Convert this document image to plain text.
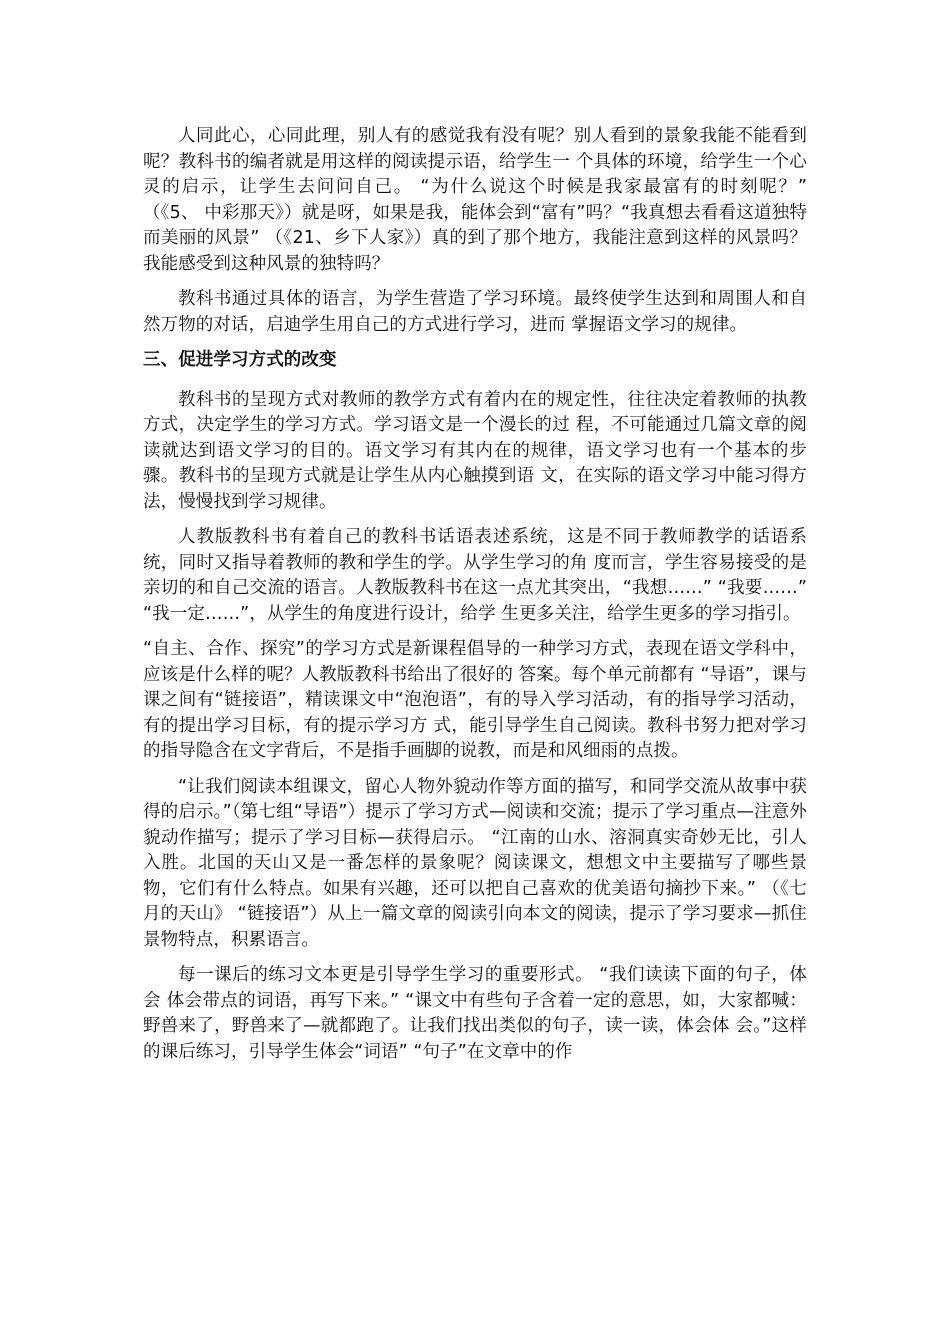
人同此心，心同此理，别人有的感觉我有没有呢？别人看到的景象我能不能看到呢？教科书的编者就是用这样的阅读提示语，给学生一 个具体的环境，给学生一个心灵的启示，让学生去问问自己。 “为什么说这个时候是我家最富有的时刻呢？” （《5、 中彩那天》）就是呀，如果是我，能体会到“富有”吗？“我真想去看看这道独特而美丽的风景” （《21、乡下人家》）真的到了那个地方，我能注意到这样的风景吗？我能感受到这种风景的独特吗？

教科书通过具体的语言，为学生营造了学习环境。最终使学生达到和周围人和自然万物的对话，启迪学生用自己的方式进行学习，进而 掌握语文学习的规律。

三、促进学习方式的改变

教科书的呈现方式对教师的教学方式有着内在的规定性，往往决定着教师的执教方式，决定学生的学习方式。学习语文是一个漫长的过 程，不可能通过几篇文章的阅读就达到语文学习的目的。语文学习有其内在的规律，语文学习也有一个基本的步骤。教科书的呈现方式就是让学生从内心触摸到语 文，在实际的语文学习中能习得方法，慢慢找到学习规律。

人教版教科书有着自己的教科书话语表述系统，这是不同于教师教学的话语系统，同时又指导着教师的教和学生的学。从学生学习的角 度而言，学生容易接受的是亲切的和自己交流的语言。人教版教科书在这一点尤其突出，“我想……” “我要……” “我一定……”，从学生的角度进行设计，给学 生更多关注，给学生更多的学习指引。

“自主、合作、探究”的学习方式是新课程倡导的一种学习方式，表现在语文学科中，应该是什么样的呢？人教版教科书给出了很好的 答案。每个单元前都有 “导语”，课与课之间有“链接语”，精读课文中“泡泡语”，有的导入学习活动，有的指导学习活动，有的提出学习目标，有的提示学习方 式，能引导学生自己阅读。教科书努力把对学习的指导隐含在文字背后，不是指手画脚的说教，而是和风细雨的点拨。

“让我们阅读本组课文，留心人物外貌动作等方面的描写，和同学交流从故事中获 得的启示。”（第七组“导语”）提示了学习方式—阅读和交流；提示了学习重点—注意外貌动作描写；提示了学习目标—获得启示。 “江南的山水、溶洞真实奇妙无比，引人入胜。北国的天山又是一番怎样的景象呢？阅读课文，想想文中主要描写了哪些景 物，它们有什么特点。如果有兴趣，还可以把自己喜欢的优美语句摘抄下来。” （《七月的天山》 “链接语”）从上一篇文章的阅读引向本文的阅读，提示了学习要求—抓住景物特点，积累语言。

每一课后的练习文本更是引导学生学习的重要形式。 “我们读读下面的句子，体会 体会带点的词语，再写下来。” “课文中有些句子含着一定的意思，如，大家都喊：野兽来了，野兽来了—就都跑了。让我们找出类似的句子，读一读，体会体 会。”这样的课后练习，引导学生体会“词语” “句子”在文章中的作
